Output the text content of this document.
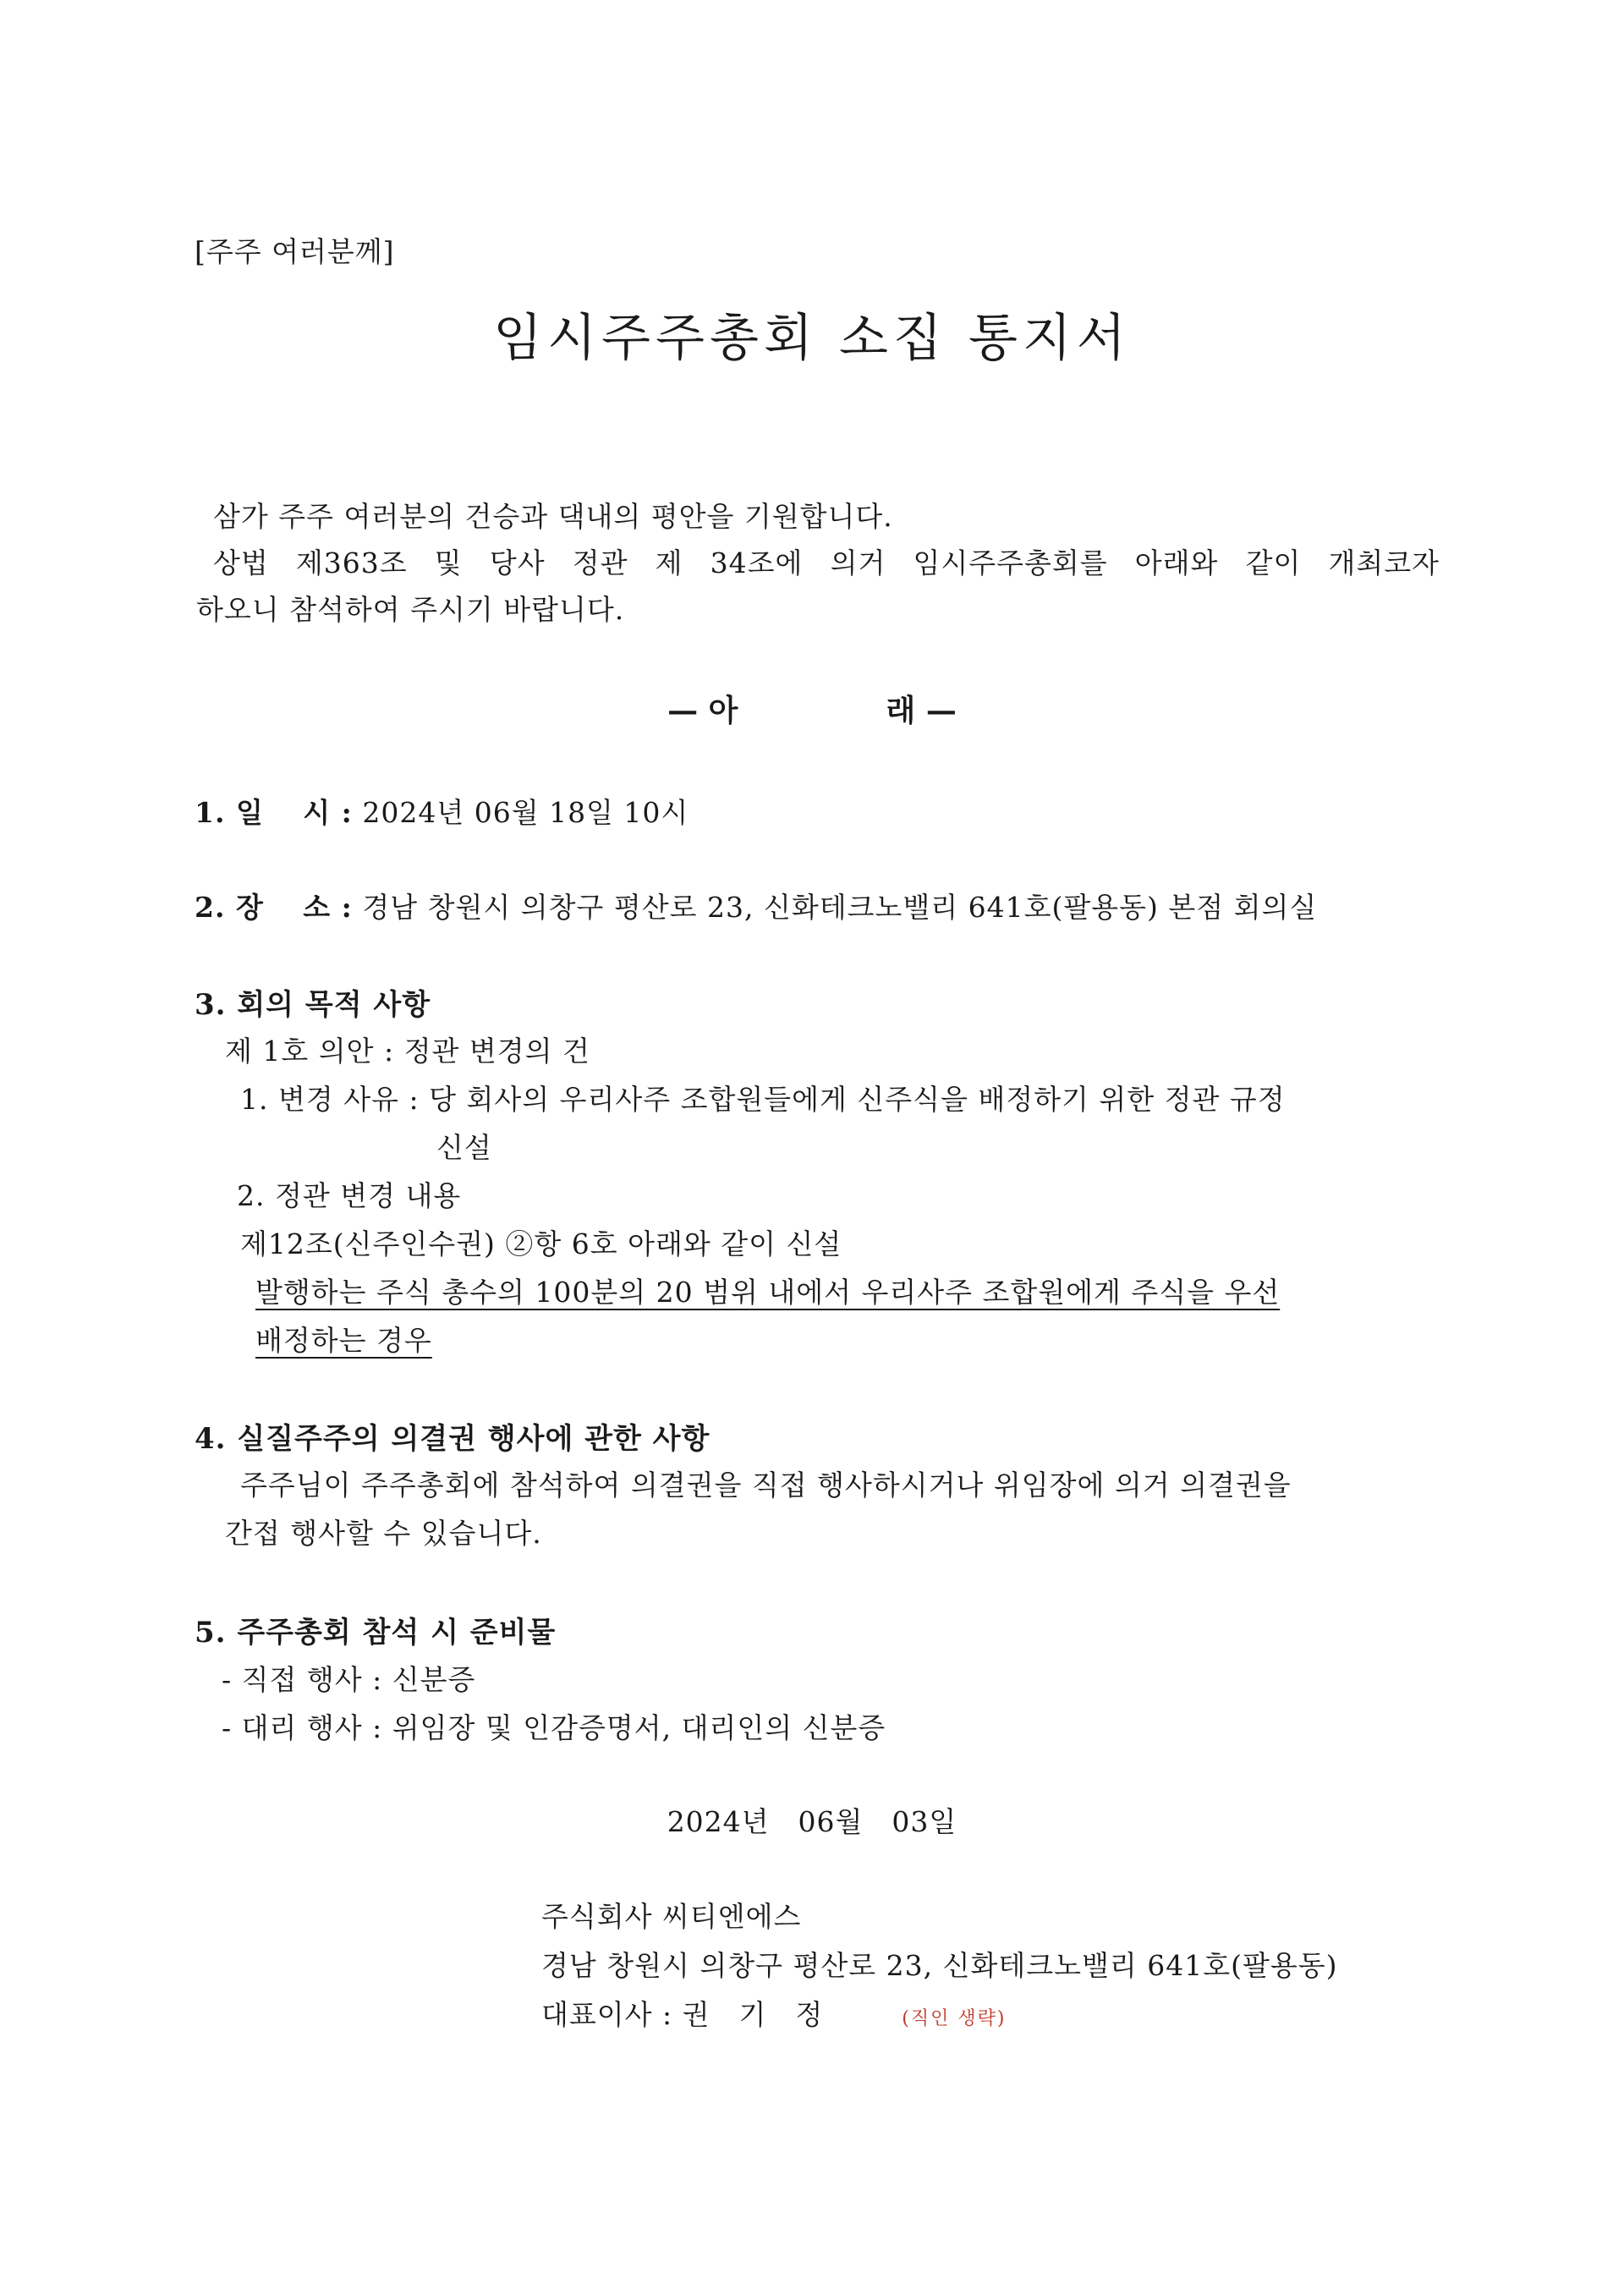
[주주 여러분께]
임시주주총회 소집 통지서
삼가 주주 여러분의 건승과 댁내의 평안을 기원합니다.
상법 제363조 및 당사 정관 제 34조에 의거 임시주주총회를 아래와 같이 개최코자
하오니 참석하여 주시기 바랍니다.
— 아	래 —
1. 일　 시 : 2024년 06월 18일 10시
2. 장　 소 : 경남 창원시 의창구 평산로 23, 신화테크노밸리 641호(팔용동) 본점 회의실
3. 회의 목적 사항
제 1호 의안 : 정관 변경의 건
1. 변경 사유 : 당 회사의 우리사주 조합원들에게 신주식을 배정하기 위한 정관 규정
신설
2. 정관 변경 내용
제12조(신주인수권) ②항 6호 아래와 같이 신설
발행하는 주식 총수의 100분의 20 범위 내에서 우리사주 조합원에게 주식을 우선
배정하는 경우
4. 실질주주의 의결권 행사에 관한 사항
주주님이 주주총회에 참석하여 의결권을 직접 행사하시거나 위임장에 의거 의결권을
간접 행사할 수 있습니다.
5. 주주총회 참석 시 준비물
- 직접 행사 : 신분증
- 대리 행사 : 위임장 및 인감증명서, 대리인의 신분증
2024년　06월　03일
주식회사 씨티엔에스
경남 창원시 의창구 평산로 23, 신화테크노밸리 641호(팔용동)
대표이사 : 권　기　정	(직인 생략)
